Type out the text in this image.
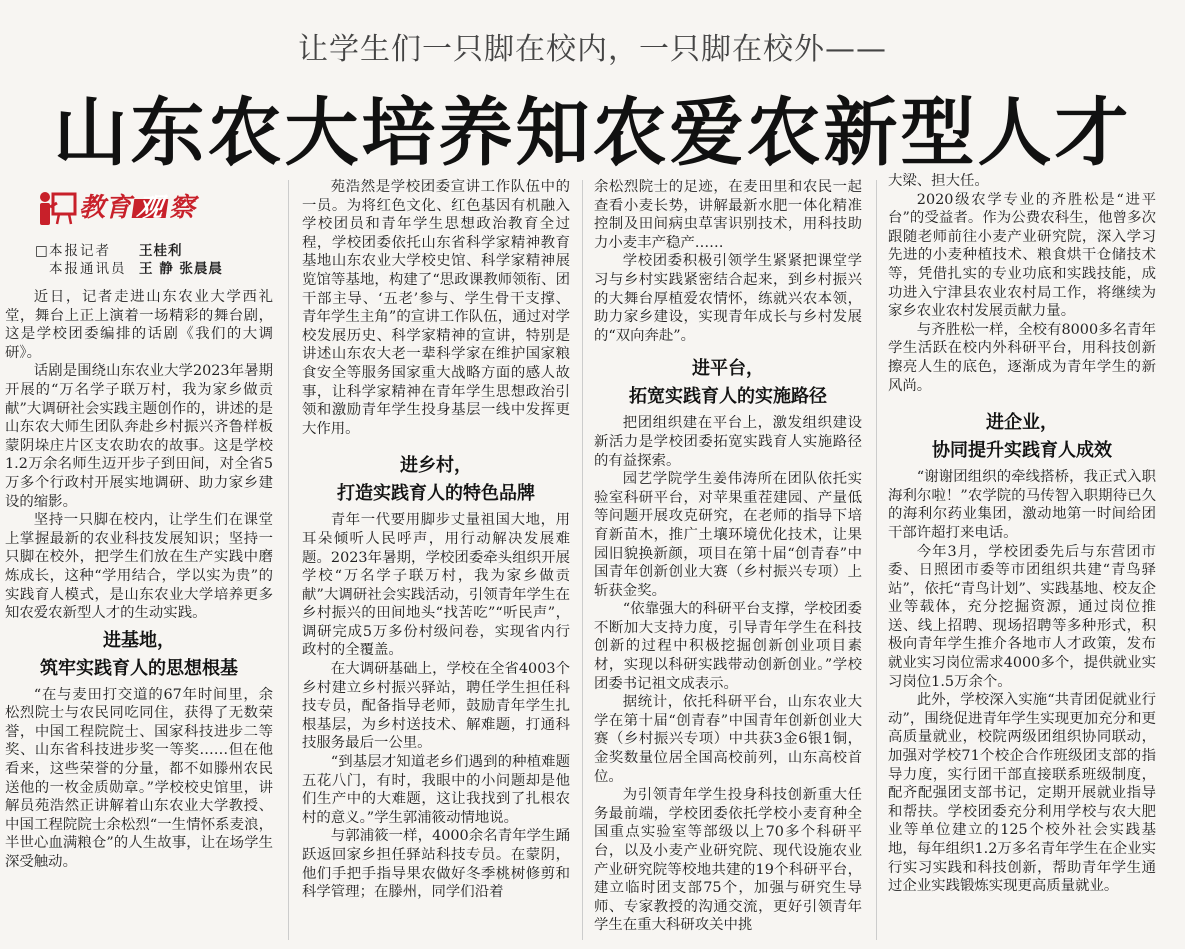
让学生们一只脚在校内，一只脚在校外——
山东农大培养知农爱农新型人才
教育 观 察
□ 本报记者	王桂利
本报通讯员 王 静 张晨晨

近日，记者走进山东农业大学西礼堂，舞台上正上演着一场精彩的舞台剧，这是学校团委编排的话剧《我们的大调研》。

话剧是围绕山东农业大学2023年暑期开展的“万名学子联万村，我为家乡做贡献”大调研社会实践主题创作的，讲述的是山东农大师生团队奔赴乡村振兴齐鲁样板蒙阴垛庄片区支农助农的故事。这是学校1.2万余名师生迈开步子到田间，对全省5万多个行政村开展实地调研、助力家乡建设的缩影。

坚持一只脚在校内，让学生们在课堂上掌握最新的农业科技发展知识；坚持一只脚在校外，把学生们放在生产实践中磨炼成长，这种“学用结合，学以实为贵”的实践育人模式，是山东农业大学培养更多知农爱农新型人才的生动实践。

进基地，
筑牢实践育人的思想根基

“在与麦田打交道的67年时间里，余松烈院士与农民同吃同住，获得了无数荣誉，中国工程院院士、国家科技进步二等奖、山东省科技进步奖一等奖……但在他看来，这些荣誉的分量，都不如滕州农民送他的一枚金质勋章。”学校校史馆里，讲解员苑浩然正讲解着山东农业大学教授、中国工程院院士余松烈“一生情怀系麦浪，半世心血满粮仓”的人生故事，让在场学生深受触动。

苑浩然是学校团委宣讲工作队伍中的一员。为将红色文化、红色基因有机融入学校团员和青年学生思想政治教育全过程，学校团委依托山东省科学家精神教育基地山东农业大学校史馆、科学家精神展览馆等基地，构建了“思政课教师领衔、团干部主导、‘五老’参与、学生骨干支撑、青年学生主角”的宣讲工作队伍，通过对学校发展历史、科学家精神的宣讲，特别是讲述山东农大老一辈科学家在维护国家粮食安全等服务国家重大战略方面的感人故事，让科学家精神在青年学生思想政治引领和激励青年学生投身基层一线中发挥更大作用。

进乡村，
打造实践育人的特色品牌

青年一代要用脚步丈量祖国大地，用耳朵倾听人民呼声，用行动解决发展难题。2023年暑期，学校团委牵头组织开展学校“万名学子联万村，我为家乡做贡献”大调研社会实践活动，引领青年学生在乡村振兴的田间地头“找苦吃”“听民声”，调研完成5万多份村级问卷，实现省内行政村的全覆盖。

在大调研基础上，学校在全省4003个乡村建立乡村振兴驿站，聘任学生担任科技专员，配备指导老师，鼓励青年学生扎根基层，为乡村送技术、解难题，打通科技服务最后一公里。

“到基层才知道老乡们遇到的种植难题五花八门，有时，我眼中的小问题却是他们生产中的大难题，这让我找到了扎根农村的意义。”学生郭浦筱动情地说。

与郭浦筱一样，4000余名青年学生踊跃返回家乡担任驿站科技专员。在蒙阴，他们手把手指导果农做好冬季桃树修剪和科学管理；在滕州，同学们沿着

余松烈院士的足迹，在麦田里和农民一起查看小麦长势，讲解最新水肥一体化精准控制及田间病虫草害识别技术，用科技助力小麦丰产稳产……

学校团委积极引领学生紧紧把课堂学习与乡村实践紧密结合起来，到乡村振兴的大舞台厚植爱农情怀，练就兴农本领，助力家乡建设，实现青年成长与乡村发展的“双向奔赴”。

进平台，
拓宽实践育人的实施路径

把团组织建在平台上，激发组织建设新活力是学校团委拓宽实践育人实施路径的有益探索。

园艺学院学生姜伟涛所在团队依托实验室科研平台，对苹果重茬建园、产量低等问题开展攻克研究，在老师的指导下培育新苗木，推广土壤环境优化技术，让果园旧貌换新颜，项目在第十届“创青春”中国青年创新创业大赛（乡村振兴专项）上斩获金奖。

“依靠强大的科研平台支撑，学校团委不断加大支持力度，引导青年学生在科技创新的过程中积极挖掘创新创业项目素材，实现以科研实践带动创新创业。”学校团委书记祖文成表示。

据统计，依托科研平台，山东农业大学在第十届“创青春”中国青年创新创业大赛（乡村振兴专项）中共获3金6银1铜，金奖数量位居全国高校前列，山东高校首位。

为引领青年学生投身科技创新重大任务最前端，学校团委依托学校小麦育种全国重点实验室等部级以上70多个科研平台，以及小麦产业研究院、现代设施农业产业研究院等校地共建的19个科研平台，建立临时团支部75个，加强与研究生导师、专家教授的沟通交流，更好引领青年学生在重大科研攻关中挑

大梁、担大任。

2020级农学专业的齐胜松是“进平台”的受益者。作为公费农科生，他曾多次跟随老师前往小麦产业研究院，深入学习先进的小麦种植技术、粮食烘干仓储技术等，凭借扎实的专业功底和实践技能，成功进入宁津县农业农村局工作，将继续为家乡农业农村发展贡献力量。

与齐胜松一样，全校有8000多名青年学生活跃在校内外科研平台，用科技创新擦亮人生的底色，逐渐成为青年学生的新风尚。

进企业，
协同提升实践育人成效

“谢谢团组织的牵线搭桥，我正式入职海利尔啦！”农学院的马传智入职期待已久的海利尔药业集团，激动地第一时间给团干部许超打来电话。

今年3月，学校团委先后与东营团市委、日照团市委等市团组织共建“青鸟驿站”，依托“青鸟计划”、实践基地、校友企业等载体，充分挖掘资源，通过岗位推送、线上招聘、现场招聘等多种形式，积极向青年学生推介各地市人才政策，发布就业实习岗位需求4000多个，提供就业实习岗位1.5万余个。

此外，学校深入实施“共青团促就业行动”，围绕促进青年学生实现更加充分和更高质量就业，校院两级团组织协同联动，加强对学校71个校企合作班级团支部的指导力度，实行团干部直接联系班级制度，配齐配强团支部书记，定期开展就业指导和帮扶。学校团委充分利用学校与农大肥业等单位建立的125个校外社会实践基地，每年组织1.2万多名青年学生在企业实行实习实践和科技创新，帮助青年学生通过企业实践锻炼实现更高质量就业。
